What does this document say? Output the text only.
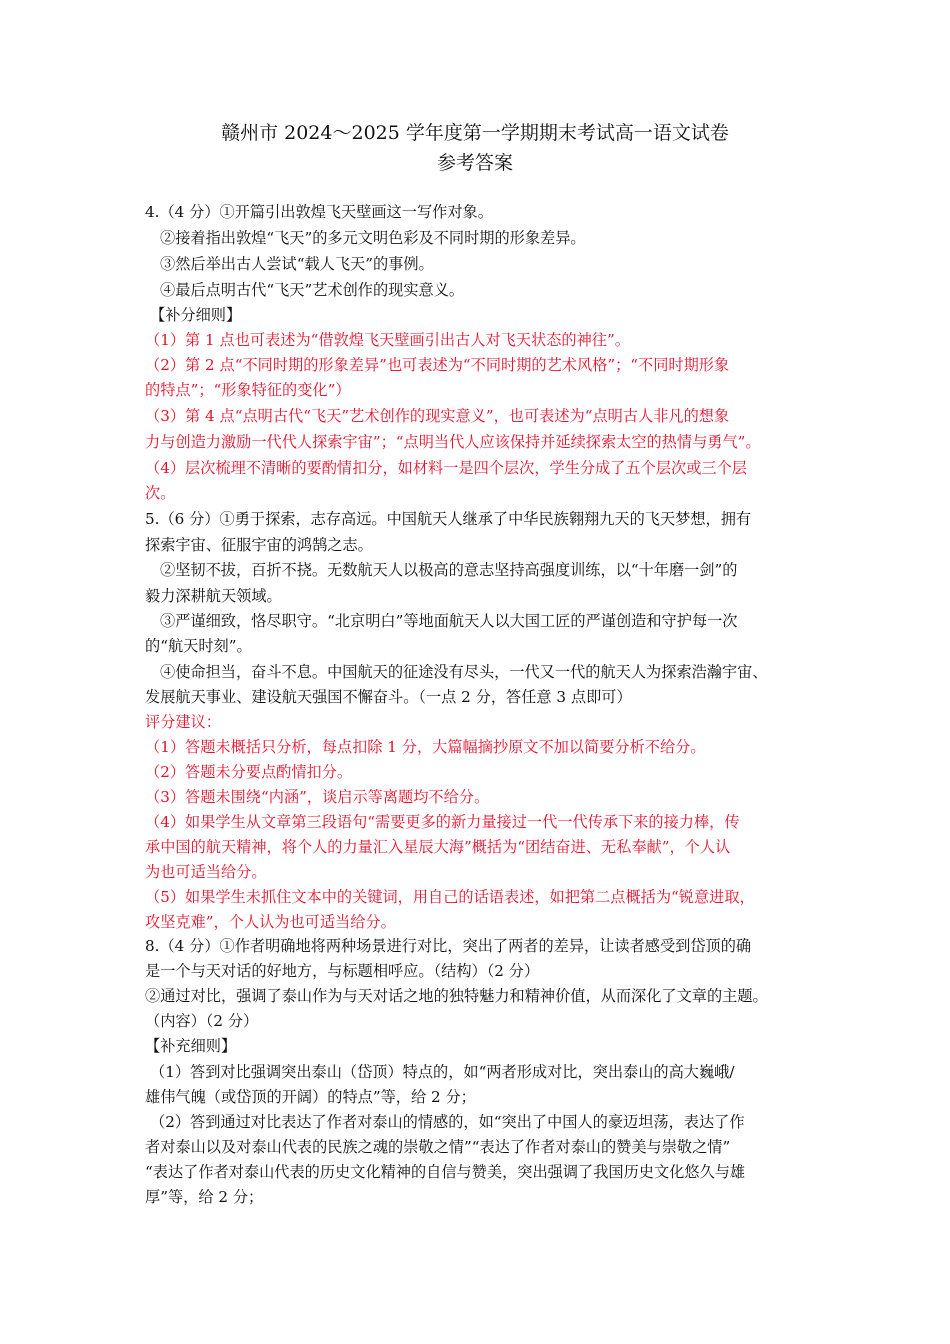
赣州市 2024～2025 学年度第一学期期末考试高一语文试卷
参考答案
4.（4 分）①开篇引出敦煌飞天壁画这一写作对象。
②接着指出敦煌“飞天”的多元文明色彩及不同时期的形象差异。
③然后举出古人尝试“载人飞天”的事例。
④最后点明古代“飞天”艺术创作的现实意义。
【补分细则】
（1）第 1 点也可表述为“借敦煌飞天壁画引出古人对飞天状态的神往”。
（2）第 2 点“不同时期的形象差异”也可表述为“不同时期的艺术风格”；“不同时期形象
的特点”；“形象特征的变化”）
（3）第 4 点“点明古代“飞天”艺术创作的现实意义”，也可表述为“点明古人非凡的想象
力与创造力激励一代代人探索宇宙”；“点明当代人应该保持并延续探索太空的热情与勇气”。
（4）层次梳理不清晰的要酌情扣分，如材料一是四个层次，学生分成了五个层次或三个层
次。
5.（6 分）①勇于探索，志存高远。中国航天人继承了中华民族翱翔九天的飞天梦想，拥有
探索宇宙、征服宇宙的鸿鹄之志。
②坚韧不拔，百折不挠。无数航天人以极高的意志坚持高强度训练，以“十年磨一剑”的
毅力深耕航天领域。
③严谨细致，恪尽职守。“北京明白”等地面航天人以大国工匠的严谨创造和守护每一次
的“航天时刻”。
④使命担当，奋斗不息。中国航天的征途没有尽头，一代又一代的航天人为探索浩瀚宇宙、
发展航天事业、建设航天强国不懈奋斗。（一点 2 分，答任意 3 点即可）
评分建议：
（1）答题未概括只分析，每点扣除 1 分，大篇幅摘抄原文不加以简要分析不给分。
（2）答题未分要点酌情扣分。
（3）答题未围绕“内涵”，谈启示等离题均不给分。
（4）如果学生从文章第三段语句“需要更多的新力量接过一代一代传承下来的接力棒，传
承中国的航天精神，将个人的力量汇入星辰大海”概括为“团结奋进、无私奉献”，个人认
为也可适当给分。
（5）如果学生未抓住文本中的关键词，用自己的话语表述，如把第二点概括为“锐意进取，
攻坚克难”，个人认为也可适当给分。
8.（4 分）①作者明确地将两种场景进行对比，突出了两者的差异，让读者感受到岱顶的确
是一个与天对话的好地方，与标题相呼应。（结构）（2 分）
②通过对比，强调了泰山作为与天对话之地的独特魅力和精神价值，从而深化了文章的主题。
（内容）（2 分）
【补充细则】
（1）答到对比强调突出泰山（岱顶）特点的，如“两者形成对比，突出泰山的高大巍峨/
雄伟气魄（或岱顶的开阔）的特点”等，给 2 分；
（2）答到通过对比表达了作者对泰山的情感的，如“突出了中国人的豪迈坦荡，表达了作
者对泰山以及对泰山代表的民族之魂的崇敬之情”“表达了作者对泰山的赞美与崇敬之情”
“表达了作者对泰山代表的历史文化精神的自信与赞美，突出强调了我国历史文化悠久与雄
厚”等，给 2 分；
